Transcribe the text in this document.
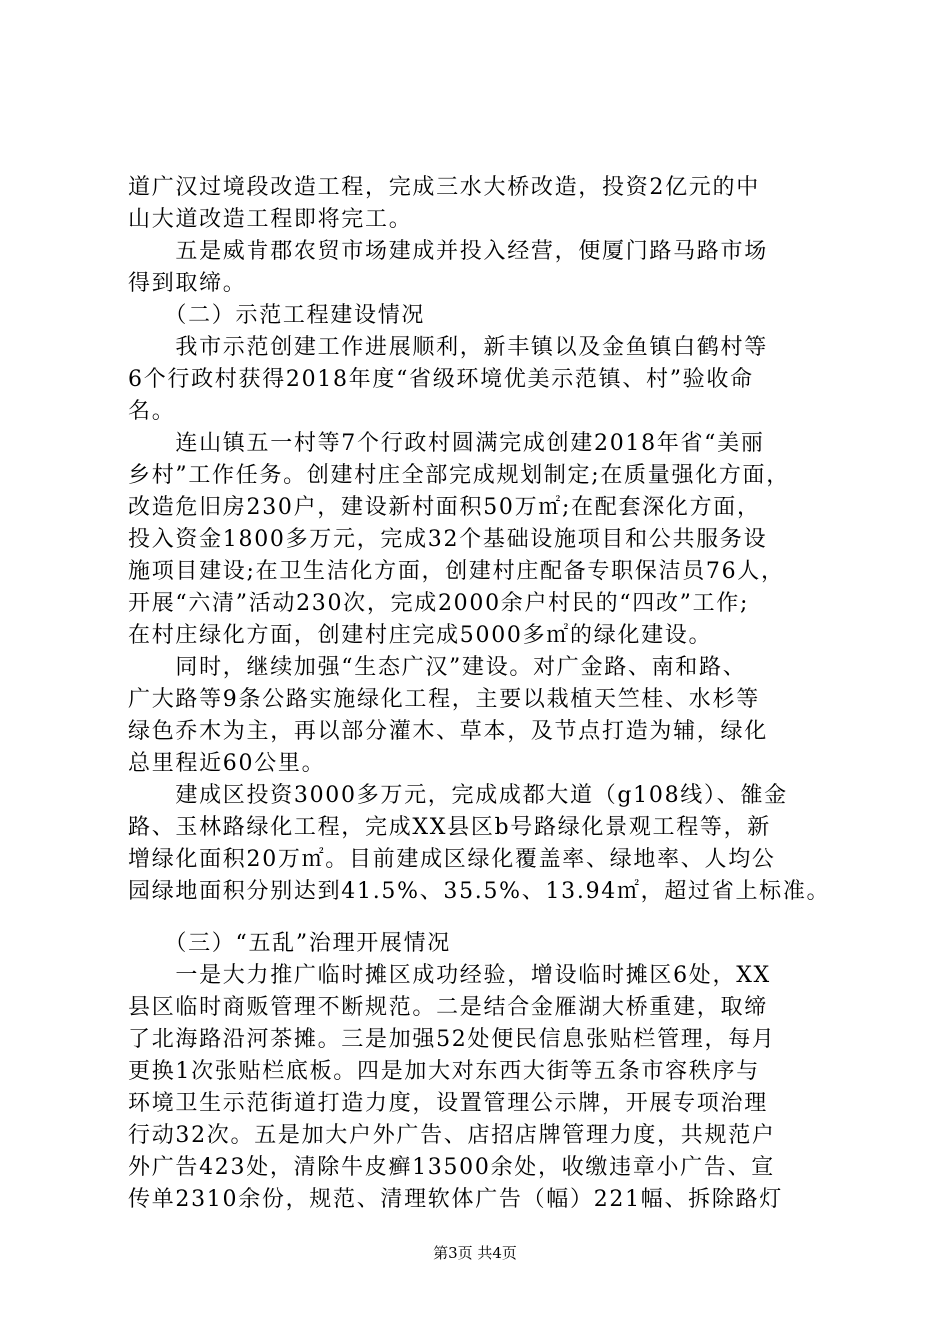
道广汉过境段改造工程，完成三水大桥改造，投资2亿元的中
山大道改造工程即将完工。
　　五是威肯郡农贸市场建成并投入经营，便厦门路马路市场
得到取缔。
　　（二）示范工程建设情况
　　我市示范创建工作进展顺利，新丰镇以及金鱼镇白鹤村等
6个行政村获得2018年度“省级环境优美示范镇、村”验收命
名。
　　连山镇五一村等7个行政村圆满完成创建2018年省“美丽
乡村”工作任务。创建村庄全部完成规划制定;在质量强化方面，
改造危旧房230户，建设新村面积50万㎡;在配套深化方面，
投入资金1800多万元，完成32个基础设施项目和公共服务设
施项目建设;在卫生洁化方面，创建村庄配备专职保洁员76人，
开展“六清”活动230次，完成2000余户村民的“四改”工作;
在村庄绿化方面，创建村庄完成5000多㎡的绿化建设。
　　同时，继续加强“生态广汉”建设。对广金路、南和路、
广大路等9条公路实施绿化工程，主要以栽植天竺桂、水杉等
绿色乔木为主，再以部分灌木、草本，及节点打造为辅，绿化
总里程近60公里。
　　建成区投资3000多万元，完成成都大道（g108线）、雒金
路、玉林路绿化工程，完成XX县区b号路绿化景观工程等，新
增绿化面积20万㎡。目前建成区绿化覆盖率、绿地率、人均公
园绿地面积分别达到41.5%、35.5%、13.94㎡，超过省上标准。
　　（三）“五乱”治理开展情况
　　一是大力推广临时摊区成功经验，增设临时摊区6处，XX
县区临时商贩管理不断规范。二是结合金雁湖大桥重建，取缔
了北海路沿河茶摊。三是加强52处便民信息张贴栏管理，每月
更换1次张贴栏底板。四是加大对东西大街等五条市容秩序与
环境卫生示范街道打造力度，设置管理公示牌，开展专项治理
行动32次。五是加大户外广告、店招店牌管理力度，共规范户
外广告423处，清除牛皮癣13500余处，收缴违章小广告、宣
传单2310余份，规范、清理软体广告（幅）221幅、拆除路灯
第3页 共4页
